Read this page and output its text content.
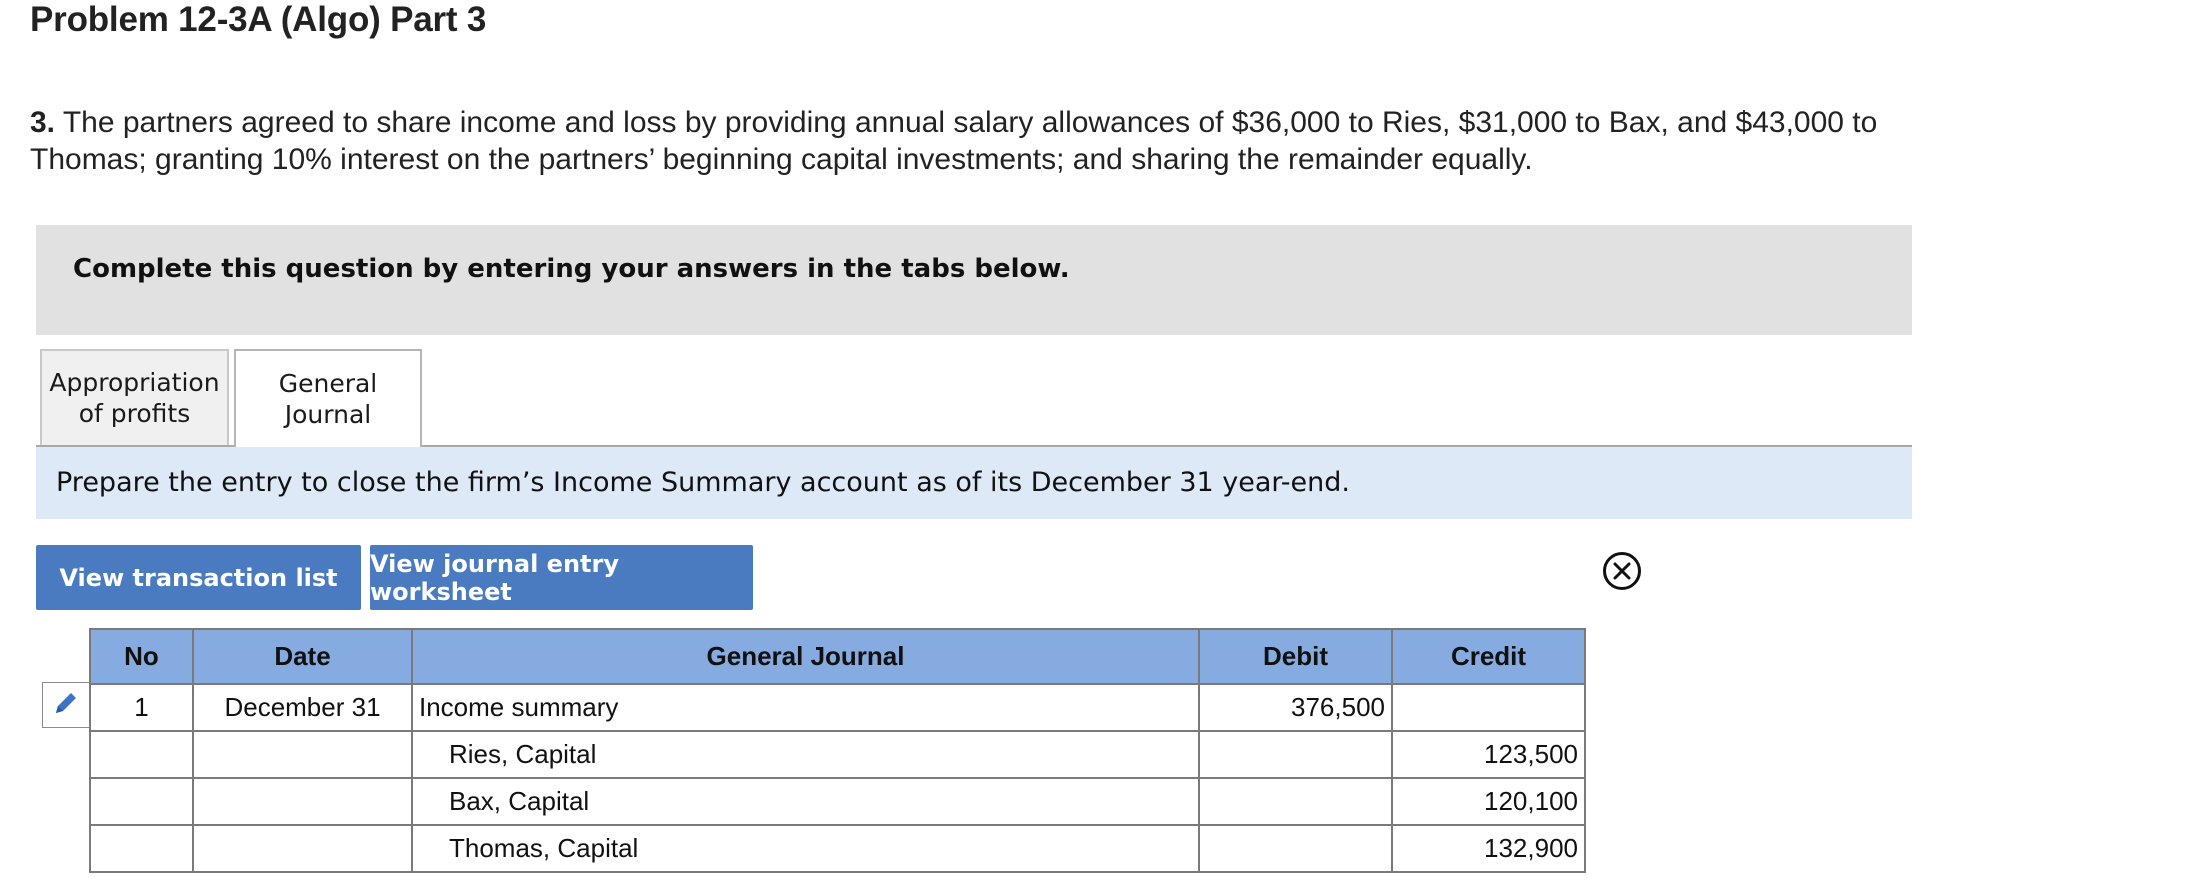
Problem 12-3A (Algo) Part 3
3. The partners agreed to share income and loss by providing annual salary allowances of $36,000 to Ries, $31,000 to Bax, and $43,000 to Thomas; granting 10% interest on the partners’ beginning capital investments; and sharing the remainder equally.
Complete this question by entering your answers in the tabs below.
Appropriation
of profits
General
Journal
Prepare the entry to close the firm’s Income Summary account as of its December 31 year-end.
View transaction list	View journal entry worksheet
No	Date	General Journal	Debit	Credit
1	December 31	Income summary	376,500	
		Ries, Capital		123,500
		Bax, Capital		120,100
		Thomas, Capital		132,900
